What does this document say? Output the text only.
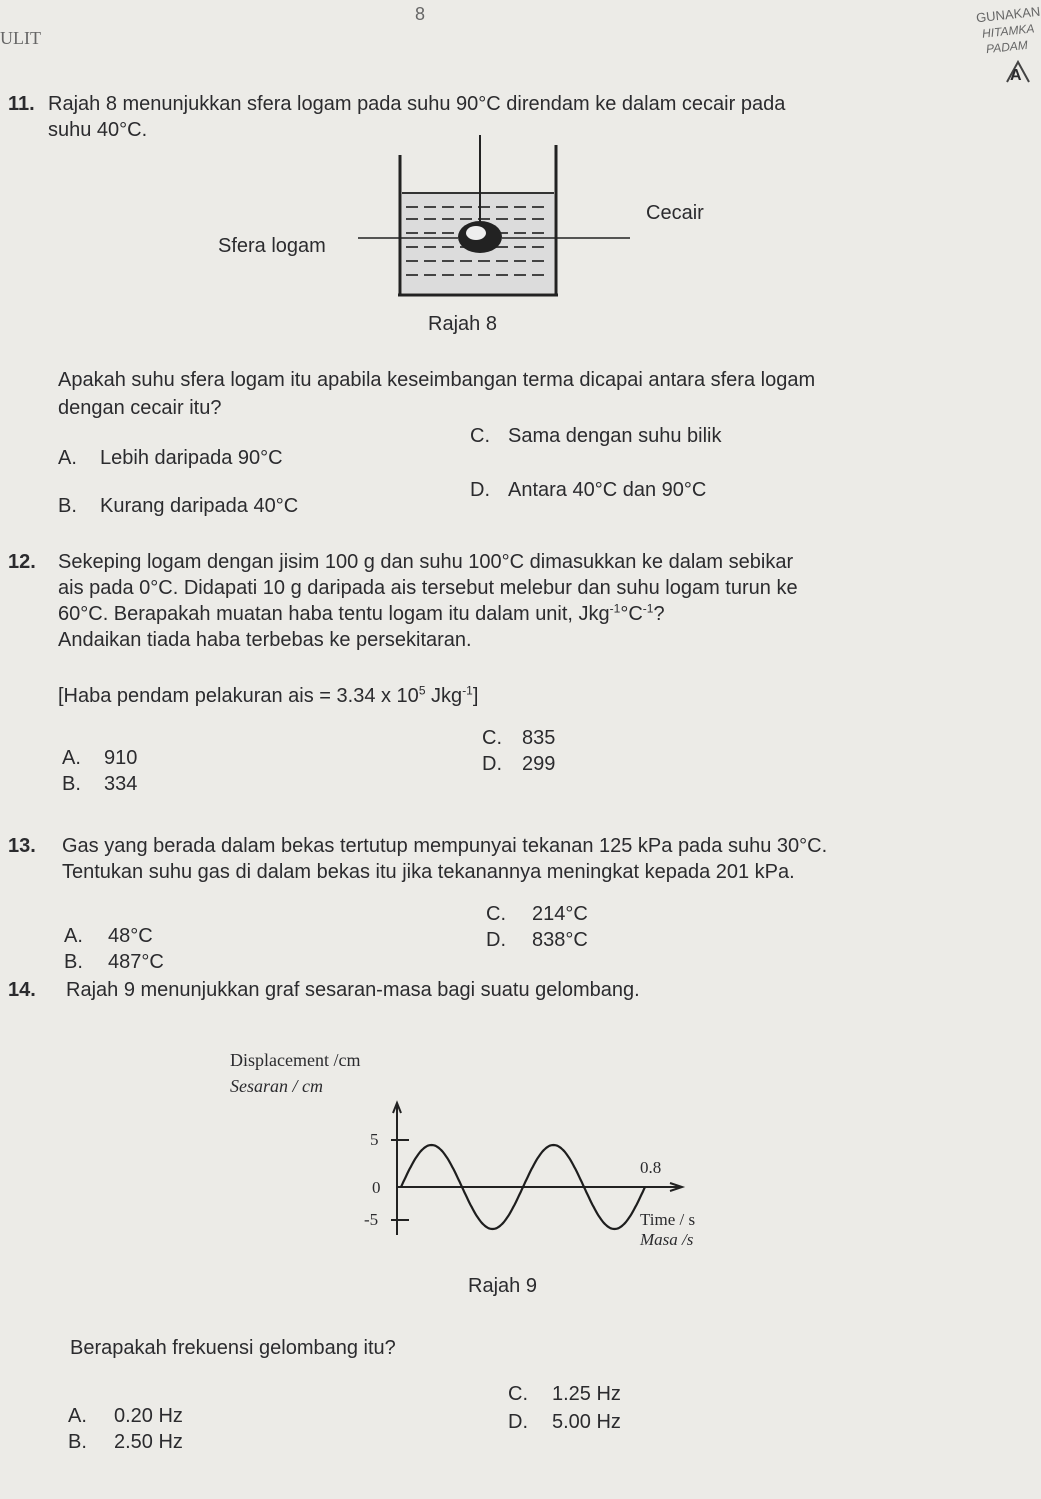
8
ULIT
GUNAKAN
HITAMKA
PADAM
A
11. Rajah 8 menunjukkan sfera logam pada suhu 90°C direndam ke dalam cecair pada
suhu 40°C.
Sfera logam
Cecair
Rajah 8
Apakah suhu sfera logam itu apabila keseimbangan terma dicapai antara sfera logam
dengan cecair itu?
A. Lebih daripada 90°C
B. Kurang daripada 40°C
C. Sama dengan suhu bilik
D. Antara 40°C dan 90°C
12. Sekeping logam dengan jisim 100 g dan suhu 100°C dimasukkan ke dalam sebikar
ais pada 0°C. Didapati 10 g daripada ais tersebut melebur dan suhu logam turun ke
60°C. Berapakah muatan haba tentu logam itu dalam unit, $Jkg^{-1}^\circ C^{-1}$?
Andaikan tiada haba terbebas ke persekitaran.
[Haba pendam pelakuran ais = 3.34 x $10^5$ Jkg$^{-1}$]
A. 910
B. 334
C. 835
D. 299
13. Gas yang berada dalam bekas tertutup mempunyai tekanan 125 kPa pada suhu 30°C.
Tentukan suhu gas di dalam bekas itu jika tekanannya meningkat kepada 201 kPa.
A. 48°C
B. 487°C
C. 214°C
D. 838°C
14. Rajah 9 menunjukkan graf sesaran-masa bagi suatu gelombang.
Displacement /cm
Sesaran / cm
5
0
-5
0.8
Time / s
Masa /s
Rajah 9
Berapakah frekuensi gelombang itu?
A. 0.20 Hz
B. 2.50 Hz
C. 1.25 Hz
D. 5.00 Hz
